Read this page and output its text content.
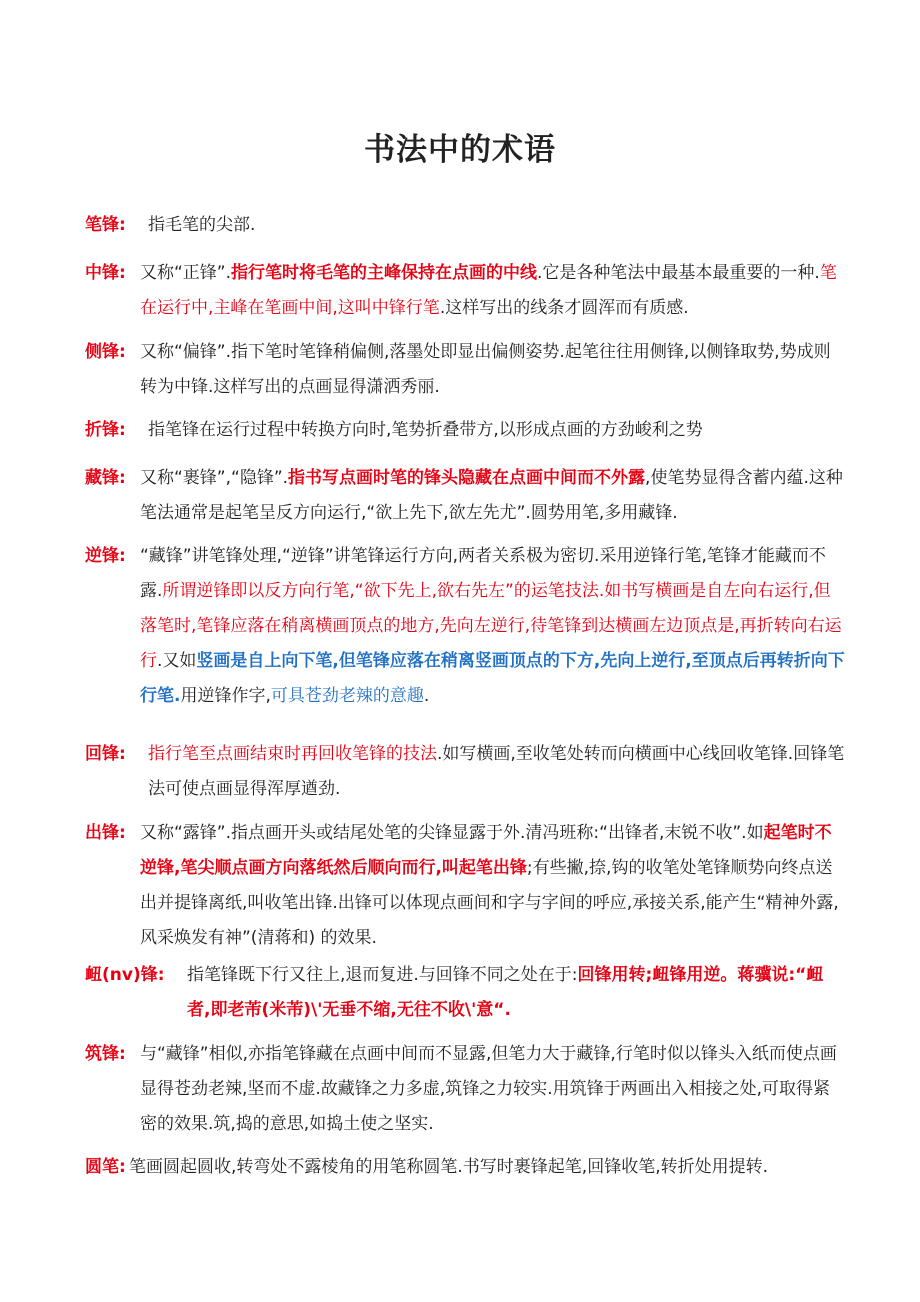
书法中的术语
笔锋:	指毛笔的尖部.
中锋: 又称“正锋”.指行笔时将毛笔的主峰保持在点画的中线.它是各种笔法中最基本最重要的一种.笔在运行中,主峰在笔画中间,这叫中锋行笔.这样写出的线条才圆浑而有质感.
侧锋: 又称“偏锋”.指下笔时笔锋稍偏侧,落墨处即显出偏侧姿势.起笔往往用侧锋,以侧锋取势,势成则转为中锋.这样写出的点画显得潇洒秀丽.
折锋:	指笔锋在运行过程中转换方向时,笔势折叠带方,以形成点画的方劲峻利之势
藏锋: 又称“裹锋”,“隐锋”.指书写点画时笔的锋头隐藏在点画中间而不外露,使笔势显得含蓄内蕴.这种笔法通常是起笔呈反方向运行,“欲上先下,欲左先尤”.圆势用笔,多用藏锋.
逆锋: “藏锋”讲笔锋处理,“逆锋”讲笔锋运行方向,两者关系极为密切.采用逆锋行笔,笔锋才能藏而不露.所谓逆锋即以反方向行笔,“欲下先上,欲右先左”的运笔技法.如书写横画是自左向右运行,但落笔时,笔锋应落在稍离横画顶点的地方,先向左逆行,待笔锋到达横画左边顶点是,再折转向右运行.又如竖画是自上向下笔,但笔锋应落在稍离竖画顶点的下方,先向上逆行,至顶点后再转折向下行笔.用逆锋作字,可具苍劲老辣的意趣.
回锋:	指行笔至点画结束时再回收笔锋的技法.如写横画,至收笔处转而向横画中心线回收笔锋.回锋笔法可使点画显得浑厚遒劲.
出锋: 又称“露锋”.指点画开头或结尾处笔的尖锋显露于外.清冯班称:“出锋者,末锐不收”.如起笔时不逆锋,笔尖顺点画方向落纸然后顺向而行,叫起笔出锋;有些撇,捺,钩的收笔处笔锋顺势向终点送出并提锋离纸,叫收笔出锋.出锋可以体现点画间和字与字间的呼应,承接关系,能产生“精神外露,风采焕发有神”(清蒋和) 的效果.
衄(nv)锋:	指笔锋既下行又往上,退而复进.与回锋不同之处在于:回锋用转;衄锋用逆。蒋骥说:“衄者,即老芾(米芾)\'无垂不缩,无往不收\'意“.
筑锋: 与“藏锋”相似,亦指笔锋藏在点画中间而不显露,但笔力大于藏锋,行笔时似以锋头入纸而使点画显得苍劲老辣,坚而不虚.故藏锋之力多虚,筑锋之力较实.用筑锋于两画出入相接之处,可取得紧密的效果.筑,捣的意思,如捣土使之坚实.
圆笔: 笔画圆起圆收,转弯处不露棱角的用笔称圆笔.书写时裹锋起笔,回锋收笔,转折处用提转.
